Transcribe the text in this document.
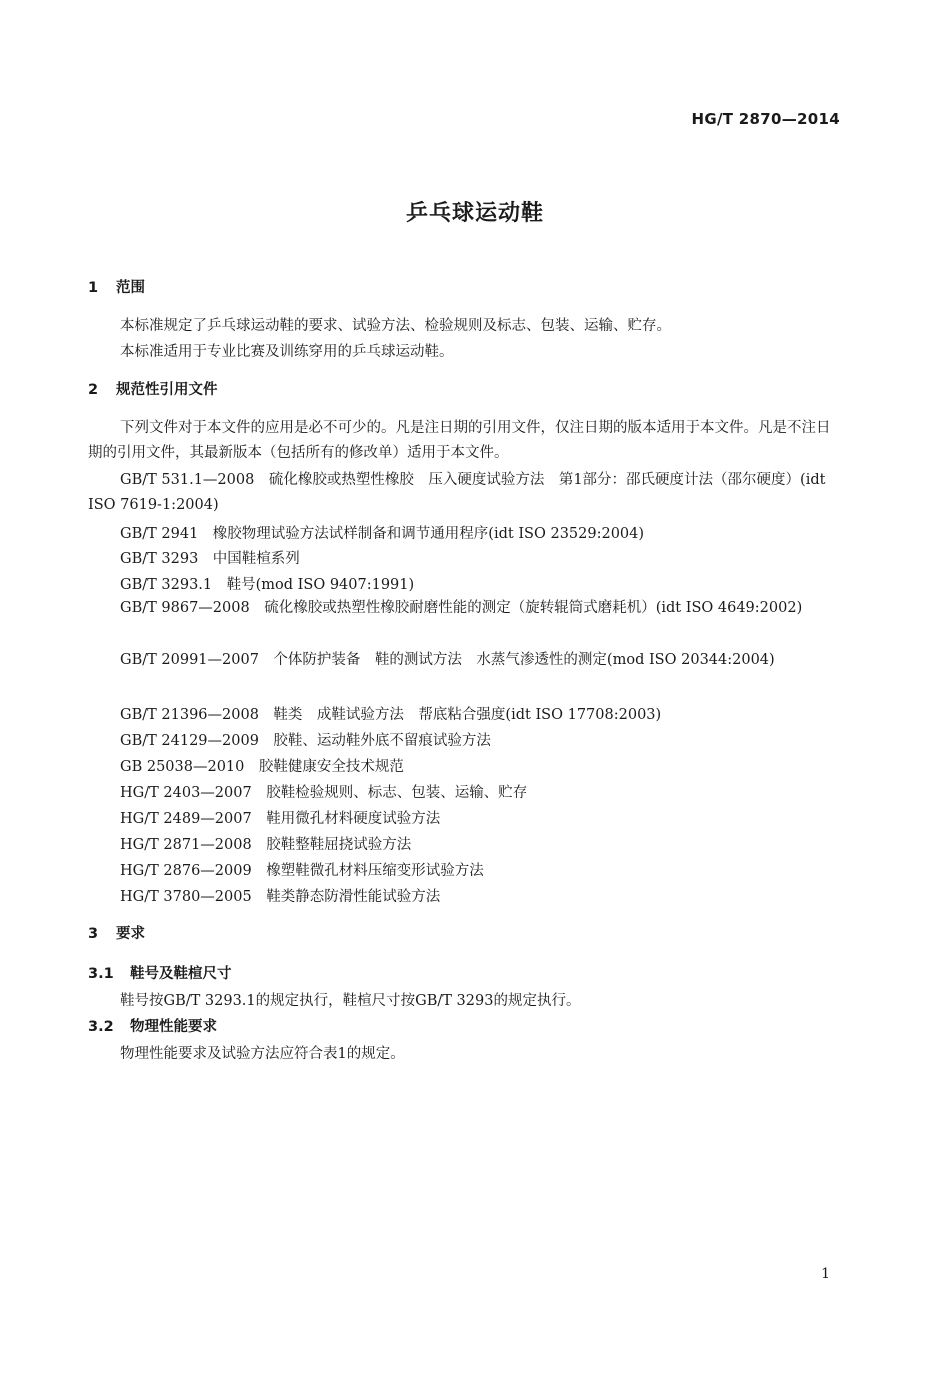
HG/T 2870—2014
乒乓球运动鞋
1 范围
本标准规定了乒乓球运动鞋的要求、试验方法、检验规则及标志、包装、运输、贮存。
本标准适用于专业比赛及训练穿用的乒乓球运动鞋。
2 规范性引用文件
下列文件对于本文件的应用是必不可少的。凡是注日期的引用文件，仅注日期的版本适用于本文件。凡是不注日期的引用文件，其最新版本（包括所有的修改单）适用于本文件。
GB/T 531.1—2008　硫化橡胶或热塑性橡胶　压入硬度试验方法　第1部分：邵氏硬度计法（邵尔硬度）(idt ISO 7619-1:2004)
GB/T 2941　橡胶物理试验方法试样制备和调节通用程序(idt ISO 23529:2004)
GB/T 3293　中国鞋楦系列
GB/T 3293.1　鞋号(mod ISO 9407:1991)
GB/T 9867—2008　硫化橡胶或热塑性橡胶耐磨性能的测定（旋转辊筒式磨耗机）(idt ISO 4649:2002)
GB/T 20991—2007　个体防护装备　鞋的测试方法　水蒸气渗透性的测定(mod ISO 20344:2004)
GB/T 21396—2008　鞋类　成鞋试验方法　帮底粘合强度(idt ISO 17708:2003)
GB/T 24129—2009　胶鞋、运动鞋外底不留痕试验方法
GB 25038—2010　胶鞋健康安全技术规范
HG/T 2403—2007　胶鞋检验规则、标志、包装、运输、贮存
HG/T 2489—2007　鞋用微孔材料硬度试验方法
HG/T 2871—2008　胶鞋整鞋屈挠试验方法
HG/T 2876—2009　橡塑鞋微孔材料压缩变形试验方法
HG/T 3780—2005　鞋类静态防滑性能试验方法
3 要求
3.1 鞋号及鞋楦尺寸
鞋号按GB/T 3293.1的规定执行，鞋楦尺寸按GB/T 3293的规定执行。
3.2 物理性能要求
物理性能要求及试验方法应符合表1的规定。
1
